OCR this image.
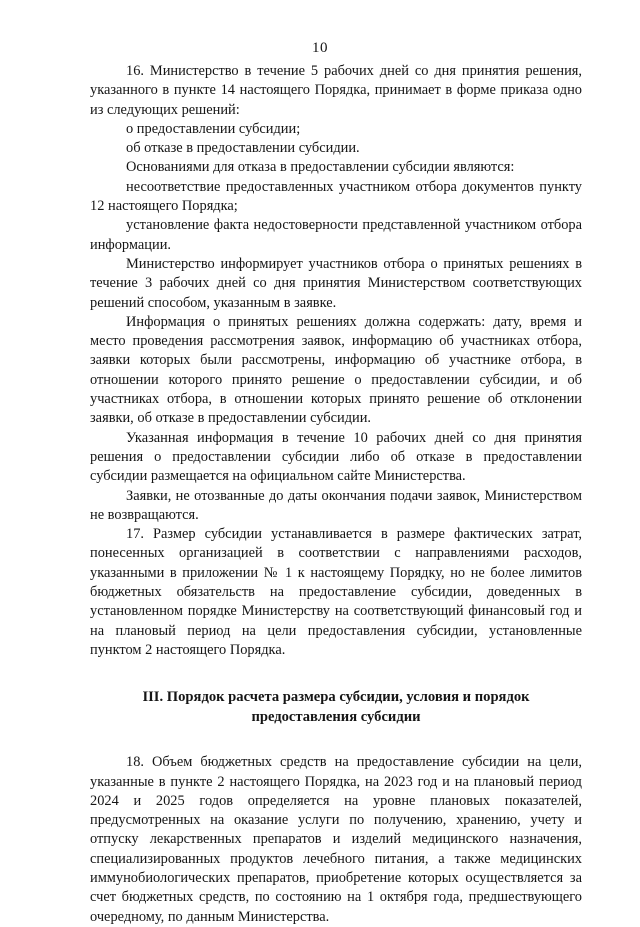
10

16. Министерство в течение 5 рабочих дней со дня принятия решения, указанного в пункте 14 настоящего Порядка, принимает в форме приказа одно из следующих решений:

о предоставлении субсидии;

об отказе в предоставлении субсидии.

Основаниями для отказа в предоставлении субсидии являются:

несоответствие предоставленных участником отбора документов пункту 12 настоящего Порядка;

установление факта недостоверности представленной участником отбора информации.

Министерство информирует участников отбора о принятых решениях в течение 3 рабочих дней со дня принятия Министерством соответствующих решений способом, указанным в заявке.

Информация о принятых решениях должна содержать: дату, время и место проведения рассмотрения заявок, информацию об участниках отбора, заявки которых были рассмотрены, информацию об участнике отбора, в отношении которого принято решение о предоставлении субсидии, и об участниках отбора, в отношении которых принято решение об отклонении заявки, об отказе в предоставлении субсидии.

Указанная информация в течение 10 рабочих дней со дня принятия решения о предоставлении субсидии либо об отказе в предоставлении субсидии размещается на официальном сайте Министерства.

Заявки, не отозванные до даты окончания подачи заявок, Министерством не возвращаются.

17. Размер субсидии устанавливается в размере фактических затрат, понесенных организацией в соответствии с направлениями расходов, указанными в приложении № 1 к настоящему Порядку, но не более лимитов бюджетных обязательств на предоставление субсидии, доведенных в установленном порядке Министерству на соответствующий финансовый год и на плановый период на цели предоставления субсидии, установленные пунктом 2 настоящего Порядка.

III. Порядок расчета размера субсидии, условия и порядок
предоставления субсидии

18. Объем бюджетных средств на предоставление субсидии на цели, указанные в пункте 2 настоящего Порядка, на 2023 год и на плановый период 2024 и 2025 годов определяется на уровне плановых показателей, предусмотренных на оказание услуги по получению, хранению, учету и отпуску лекарственных препаратов и изделий медицинского назначения, специализированных продуктов лечебного питания, а также медицинских иммунобиологических препаратов, приобретение которых осуществляется за счет бюджетных средств, по состоянию на 1 октября года, предшествующего очередному, по данным Министерства.
